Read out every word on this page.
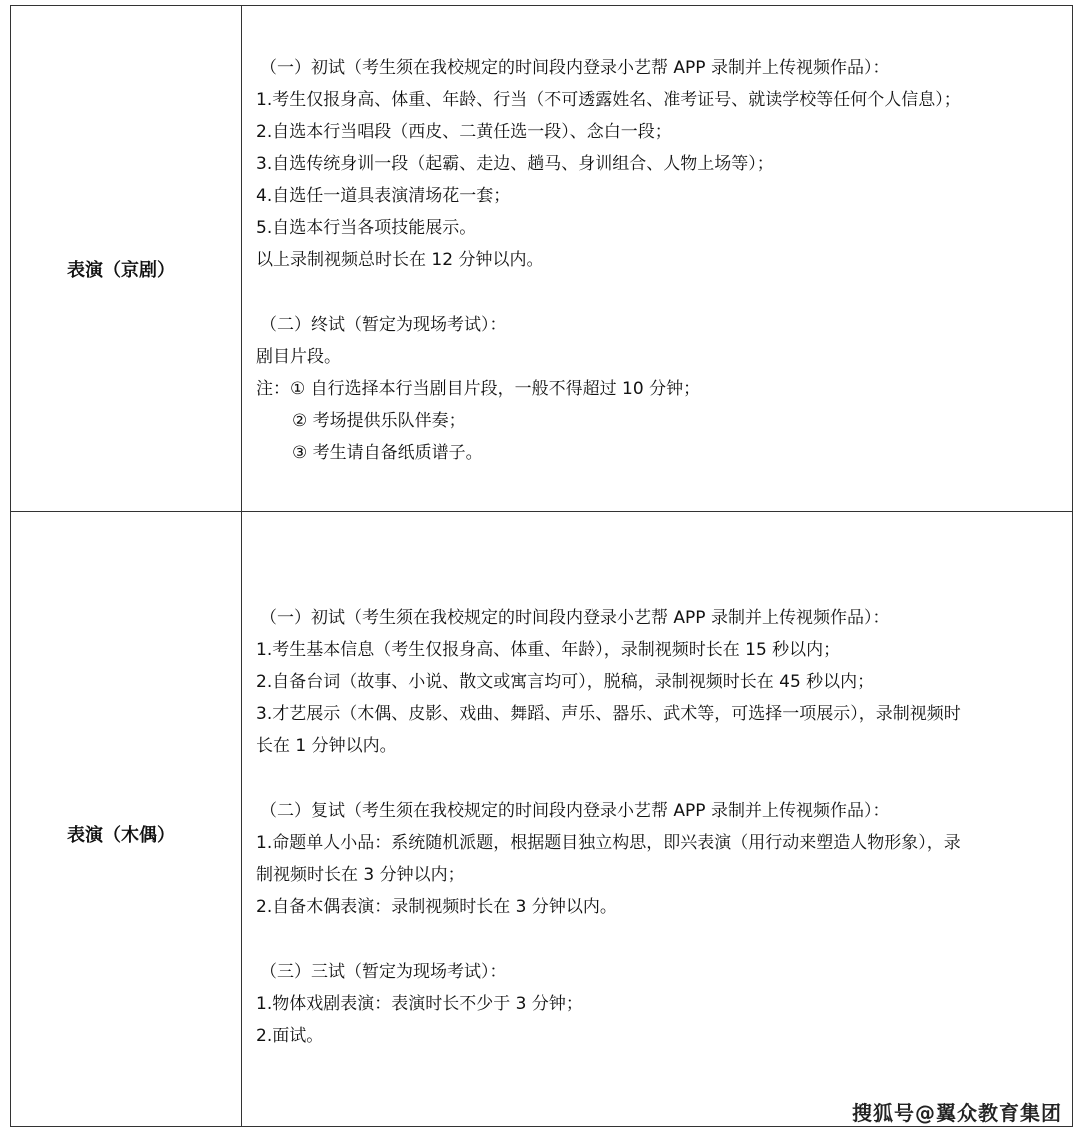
表演（京剧）
（一）初试（考生须在我校规定的时间段内登录小艺帮 APP 录制并上传视频作品）：
1.考生仅报身高、体重、年龄、行当（不可透露姓名、准考证号、就读学校等任何个人信息）；
2.自选本行当唱段（西皮、二黄任选一段）、念白一段；
3.自选传统身训一段（起霸、走边、趟马、身训组合、人物上场等）；
4.自选任一道具表演清场花一套；
5.自选本行当各项技能展示。
以上录制视频总时长在 12 分钟以内。
（二）终试（暂定为现场考试）：
剧目片段。
注：① 自行选择本行当剧目片段，一般不得超过 10 分钟；
② 考场提供乐队伴奏；
③ 考生请自备纸质谱子。
表演（木偶）
（一）初试（考生须在我校规定的时间段内登录小艺帮 APP 录制并上传视频作品）：
1.考生基本信息（考生仅报身高、体重、年龄），录制视频时长在 15 秒以内；
2.自备台词（故事、小说、散文或寓言均可），脱稿，录制视频时长在 45 秒以内；
3.才艺展示（木偶、皮影、戏曲、舞蹈、声乐、器乐、武术等，可选择一项展示），录制视频时
长在 1 分钟以内。
（二）复试（考生须在我校规定的时间段内登录小艺帮 APP 录制并上传视频作品）：
1.命题单人小品：系统随机派题，根据题目独立构思，即兴表演（用行动来塑造人物形象），录
制视频时长在 3 分钟以内；
2.自备木偶表演：录制视频时长在 3 分钟以内。
（三）三试（暂定为现场考试）：
1.物体戏剧表演：表演时长不少于 3 分钟；
2.面试。
搜狐号@翼众教育集团
